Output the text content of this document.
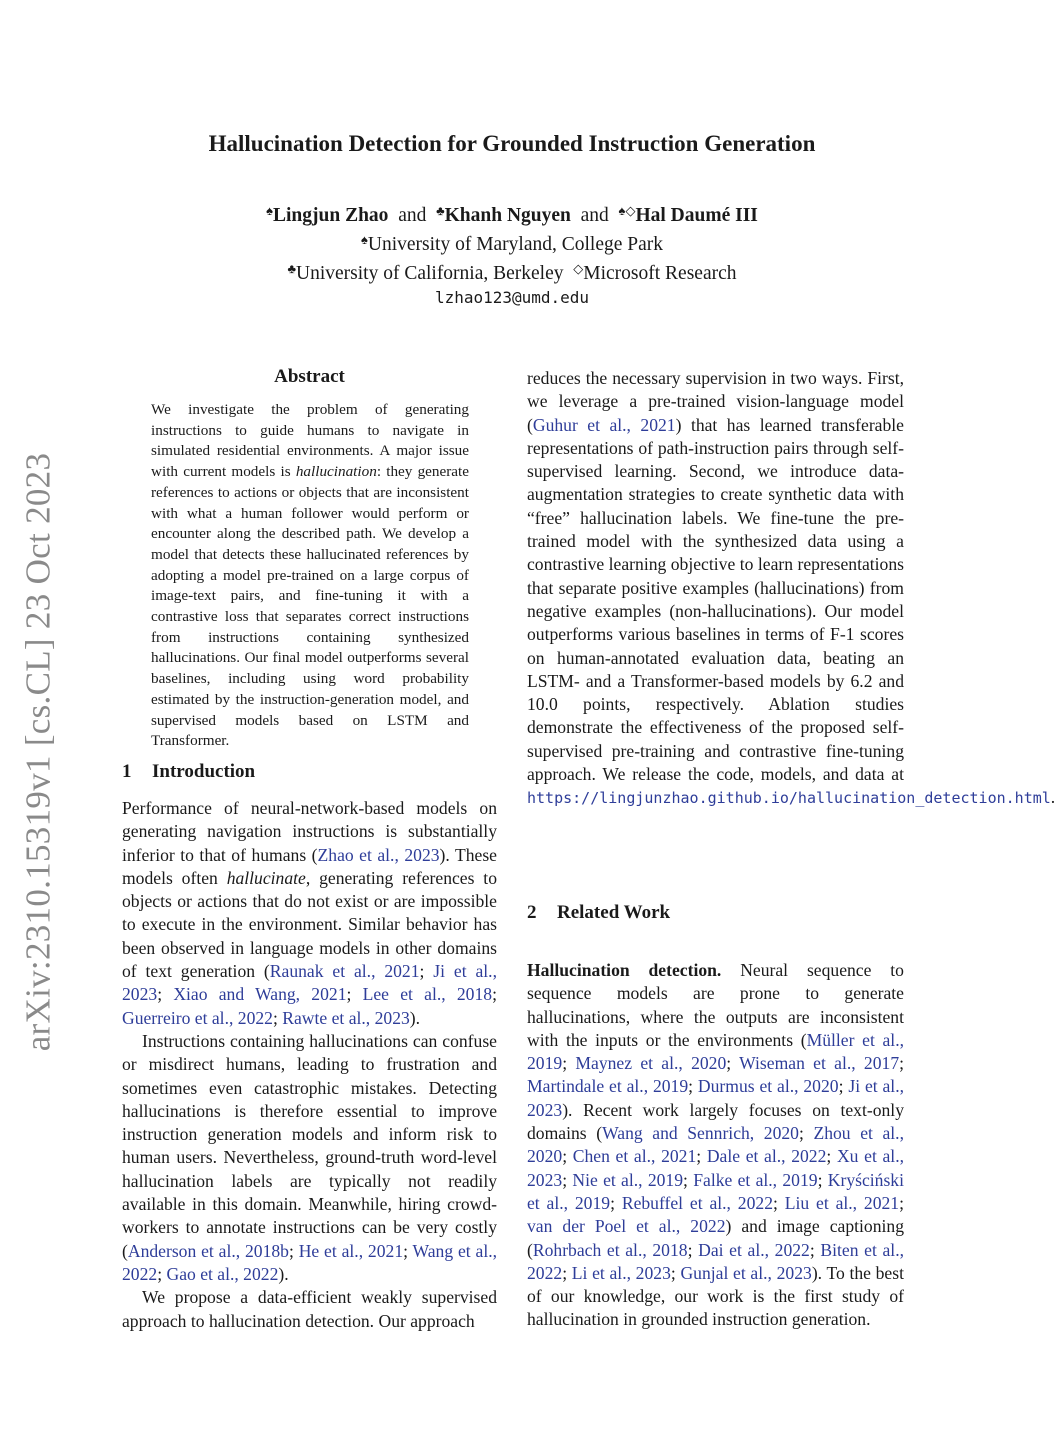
arXiv:2310.15319v1 [cs.CL] 23 Oct 2023
Hallucination Detection for Grounded Instruction Generation
♠Lingjun Zhao and ♣Khanh Nguyen and ♠◇Hal Daumé III
♠University of Maryland, College Park
♣University of California, Berkeley ◇Microsoft Research
lzhao123@umd.edu
Abstract
We investigate the problem of generating instructions to guide humans to navigate in simulated residential environments. A major issue with current models is hallucination: they generate references to actions or objects that are inconsistent with what a human follower would perform or encounter along the described path. We develop a model that detects these hallucinated references by adopting a model pre-trained on a large corpus of image-text pairs, and fine-tuning it with a contrastive loss that separates correct instructions from instructions containing synthesized hallucinations. Our final model outperforms several baselines, including using word probability estimated by the instruction-generation model, and supervised models based on LSTM and Transformer.
1 Introduction

Performance of neural-network-based models on generating navigation instructions is substantially inferior to that of humans (Zhao et al., 2023). These models often hallucinate, generating references to objects or actions that do not exist or are impossible to execute in the environment. Similar behavior has been observed in language models in other domains of text generation (Raunak et al., 2021; Ji et al., 2023; Xiao and Wang, 2021; Lee et al., 2018; Guerreiro et al., 2022; Rawte et al., 2023).

Instructions containing hallucinations can confuse or misdirect humans, leading to frustration and sometimes even catastrophic mistakes. Detecting hallucinations is therefore essential to improve instruction generation models and inform risk to human users. Nevertheless, ground-truth word-level hallucination labels are typically not readily available in this domain. Meanwhile, hiring crowd-workers to annotate instructions can be very costly (Anderson et al., 2018b; He et al., 2021; Wang et al., 2022; Gao et al., 2022).

We propose a data-efficient weakly supervised approach to hallucination detection. Our approach

reduces the necessary supervision in two ways. First, we leverage a pre-trained vision-language model (Guhur et al., 2021) that has learned transferable representations of path-instruction pairs through self-supervised learning. Second, we introduce data-augmentation strategies to create synthetic data with “free” hallucination labels. We fine-tune the pre-trained model with the synthesized data using a contrastive learning objective to learn representations that separate positive examples (hallucinations) from negative examples (non-hallucinations). Our model outperforms various baselines in terms of F-1 scores on human-annotated evaluation data, beating an LSTM- and a Transformer-based models by 6.2 and 10.0 points, respectively. Ablation studies demonstrate the effectiveness of the proposed self-supervised pre-training and contrastive fine-tuning approach. We release the code, models, and data at https://lingjunzhao.github.io/hallucination_detection.html.

2 Related Work

Hallucination detection. Neural sequence to sequence models are prone to generate hallucinations, where the outputs are inconsistent with the inputs or the environments (Müller et al., 2019; Maynez et al., 2020; Wiseman et al., 2017; Martindale et al., 2019; Durmus et al., 2020; Ji et al., 2023). Recent work largely focuses on text-only domains (Wang and Sennrich, 2020; Zhou et al., 2020; Chen et al., 2021; Dale et al., 2022; Xu et al., 2023; Nie et al., 2019; Falke et al., 2019; Kryściński et al., 2019; Rebuffel et al., 2022; Liu et al., 2021; van der Poel et al., 2022) and image captioning (Rohrbach et al., 2018; Dai et al., 2022; Biten et al., 2022; Li et al., 2023; Gunjal et al., 2023). To the best of our knowledge, our work is the first study of hallucination in grounded instruction generation.
